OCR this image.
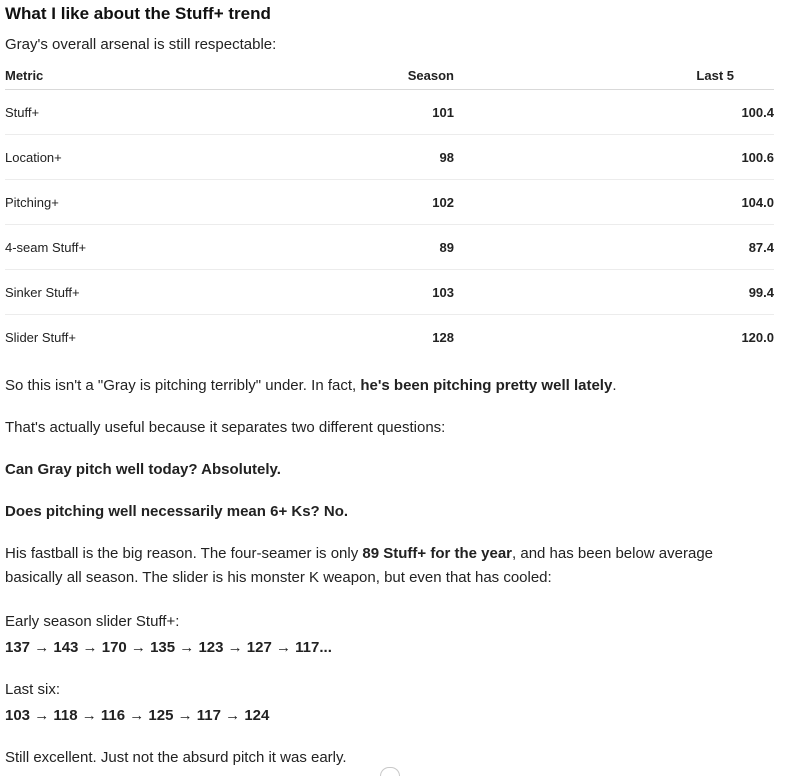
What I like about the Stuff+ trend
Gray's overall arsenal is still respectable:
Metric	Season	Last 5
Stuff+	101	100.4
Location+	98	100.6
Pitching+	102	104.0
4-seam Stuff+	89	87.4
Sinker Stuff+	103	99.4
Slider Stuff+	128	120.0
So this isn't a "Gray is pitching terribly" under. In fact, he's been pitching pretty well lately.
That's actually useful because it separates two different questions:
Can Gray pitch well today? Absolutely.
Does pitching well necessarily mean 6+ Ks? No.
His fastball is the big reason. The four-seamer is only 89 Stuff+ for the year, and has been below average basically all season. The slider is his monster K weapon, but even that has cooled:
Early season slider Stuff+:
137 → 143 → 170 → 135 → 123 → 127 → 117...
Last six:
103 → 118 → 116 → 125 → 117 → 124
Still excellent. Just not the absurd pitch it was early.
